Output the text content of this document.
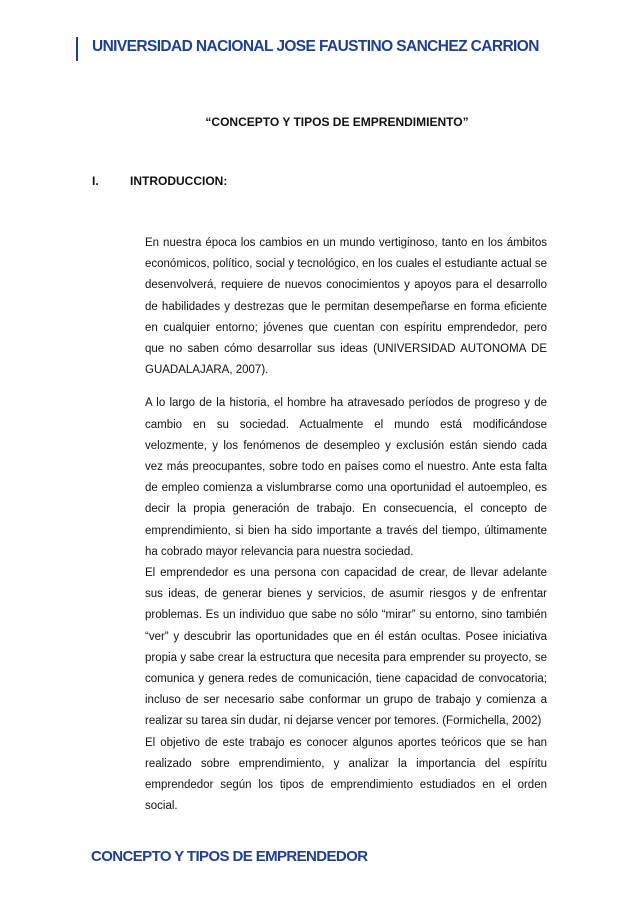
UNIVERSIDAD NACIONAL JOSE FAUSTINO SANCHEZ CARRION
“CONCEPTO Y TIPOS DE EMPRENDIMIENTO”
I.	INTRODUCCION:

En nuestra época los cambios en un mundo vertiginoso, tanto en los ámbitos económicos, político, social y tecnológico, en los cuales el estudiante actual se desenvolverá, requiere de nuevos conocimientos y apoyos para el desarrollo de habilidades y destrezas que le permitan desempeñarse en forma eficiente en cualquier entorno; jóvenes que cuentan con espíritu emprendedor, pero que no saben cómo desarrollar sus ideas (UNIVERSIDAD AUTONOMA DE GUADALAJARA, 2007).

A lo largo de la historia, el hombre ha atravesado períodos de progreso y de cambio en su sociedad. Actualmente el mundo está modificándose velozmente, y los fenómenos de desempleo y exclusión están siendo cada vez más preocupantes, sobre todo en países como el nuestro. Ante esta falta de empleo comienza a vislumbrarse como una oportunidad el autoempleo, es decir la propia generación de trabajo. En consecuencia, el concepto de emprendimiento, si bien ha sido importante a través del tiempo, últimamente ha cobrado mayor relevancia para nuestra sociedad.

El emprendedor es una persona con capacidad de crear, de llevar adelante sus ideas, de generar bienes y servicios, de asumir riesgos y de enfrentar problemas. Es un individuo que sabe no sólo “mirar” su entorno, sino también “ver” y descubrir las oportunidades que en él están ocultas. Posee iniciativa propia y sabe crear la estructura que necesita para emprender su proyecto, se comunica y genera redes de comunicación, tiene capacidad de convocatoria; incluso de ser necesario sabe conformar un grupo de trabajo y comienza a realizar su tarea sin dudar, ni dejarse vencer por temores. (Formichella, 2002)

El objetivo de este trabajo es conocer algunos aportes teóricos que se han realizado sobre emprendimiento, y analizar la importancia del espíritu emprendedor según los tipos de emprendimiento estudiados en el orden social.

CONCEPTO Y TIPOS DE EMPRENDEDOR
